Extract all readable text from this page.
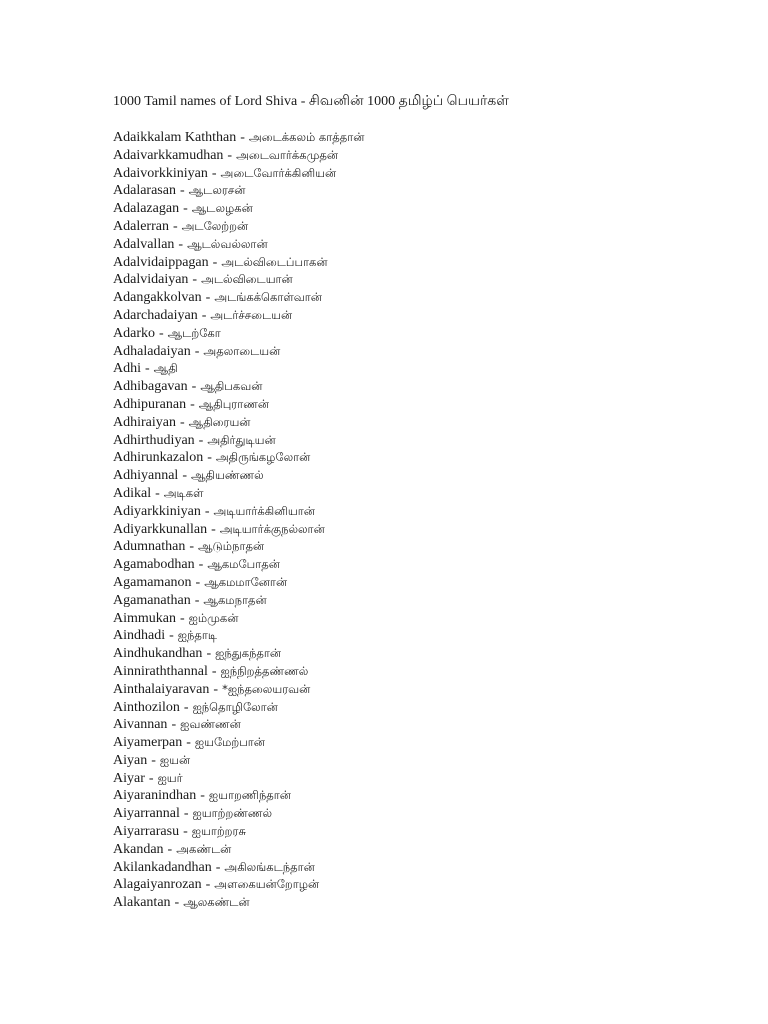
1000 Tamil names of Lord Shiva - சிவனின் 1000 தமிழ்ப் பெயர்கள்
Adaikkalam Kaththan - அடைக்கலம் காத்தான்
Adaivarkkamudhan - அடைவார்க்கமுதன்
Adaivorkkiniyan - அடைவோர்க்கினியன்
Adalarasan - ஆடலரசன்
Adalazagan - ஆடலழகன்
Adalerran - அடலேற்றன்
Adalvallan - ஆடல்வல்லான்
Adalvidaippagan - அடல்விடைப்பாகன்
Adalvidaiyan - அடல்விடையான்
Adangakkolvan - அடங்கக்கொள்வான்
Adarchadaiyan - அடர்ச்சடையன்
Adarko - ஆடற்கோ
Adhaladaiyan - அதலாடையன்
Adhi - ஆதி
Adhibagavan - ஆதிபகவன்
Adhipuranan - ஆதிபுராணன்
Adhiraiyan - ஆதிரையன்
Adhirthudiyan - அதிர்துடியன்
Adhirunkazalon - அதிருங்கழலோன்
Adhiyannal - ஆதியண்ணல்
Adikal - அடிகள்
Adiyarkkiniyan - அடியார்க்கினியான்
Adiyarkkunallan - அடியார்க்குநல்லான்
Adumnathan - ஆடும்நாதன்
Agamabodhan - ஆகமபோதன்
Agamamanon - ஆகமமானோன்
Agamanathan - ஆகமநாதன்
Aimmukan - ஐம்முகன்
Aindhadi - ஐந்தாடி
Aindhukandhan - ஐந்துகந்தான்
Ainniraththannal - ஐந்நிறத்தண்ணல்
Ainthalaiyaravan - *ஐந்தலையரவன்
Ainthozilon - ஐந்தொழிலோன்
Aivannan - ஐவண்ணன்
Aiyamerpan - ஐயமேற்பான்
Aiyan - ஐயன்
Aiyar - ஐயர்
Aiyaranindhan - ஐயாறணிந்தான்
Aiyarrannal - ஐயாற்றண்ணல்
Aiyarrarasu - ஐயாற்றரசு
Akandan - அகண்டன்
Akilankadandhan - அகிலங்கடந்தான்
Alagaiyanrozan - அளகையன்றோழன்
Alakantan - ஆலகண்டன்
